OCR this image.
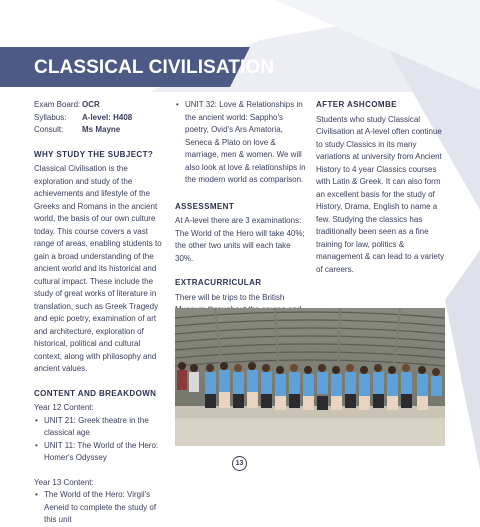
CLASSICAL CIVILISATION
Exam Board: OCR
Syllabus:	A-level: H408
Consult:	Ms Mayne
WHY STUDY THE SUBJECT?
Classical Civilisation is the exploration and study of the achievements and lifestyle of the Greeks and Romans in the ancient world, the basis of our own culture today. This course covers a vast range of areas, enabling students to gain a broad understanding of the ancient world and its historical and cultural impact. These include the study of great works of literature in translation, such as Greek Tragedy and epic poetry, examination of art and architecture, exploration of historical, political and cultural context, along with philosophy and ancient values.
CONTENT AND BREAKDOWN
Year 12 Content:
• UNIT 21: Greek theatre in the classical age
• UNIT 11: The World of the Hero: Homer's Odyssey
Year 13 Content:
• The World of the Hero: Virgil's Aeneid to complete the study of this unit
• UNIT 32: Love & Relationships in the ancient world: Sappho's poetry, Ovid's Ars Amatoria, Seneca & Plato on love & marriage, men & women. We will also look at love & relationships in the modern world as comparison.
ASSESSMENT
At A-level there are 3 examinations: The World of the Hero will take 40%; the other two units will each take 30%.
EXTRACURRICULAR
There will be trips to the British
AFTER ASHCOMBE
Students who study Classical Civilisation at A-level often continue to study Classics in its many variations at university from Ancient History to 4 year Classics courses with Latin & Greek. It can also form an excellent basis for the study of History, Drama, English to name a few. Studying the classics has traditionally been seen as a fine training for law, politics & management & can lead to a variety of careers.
13
